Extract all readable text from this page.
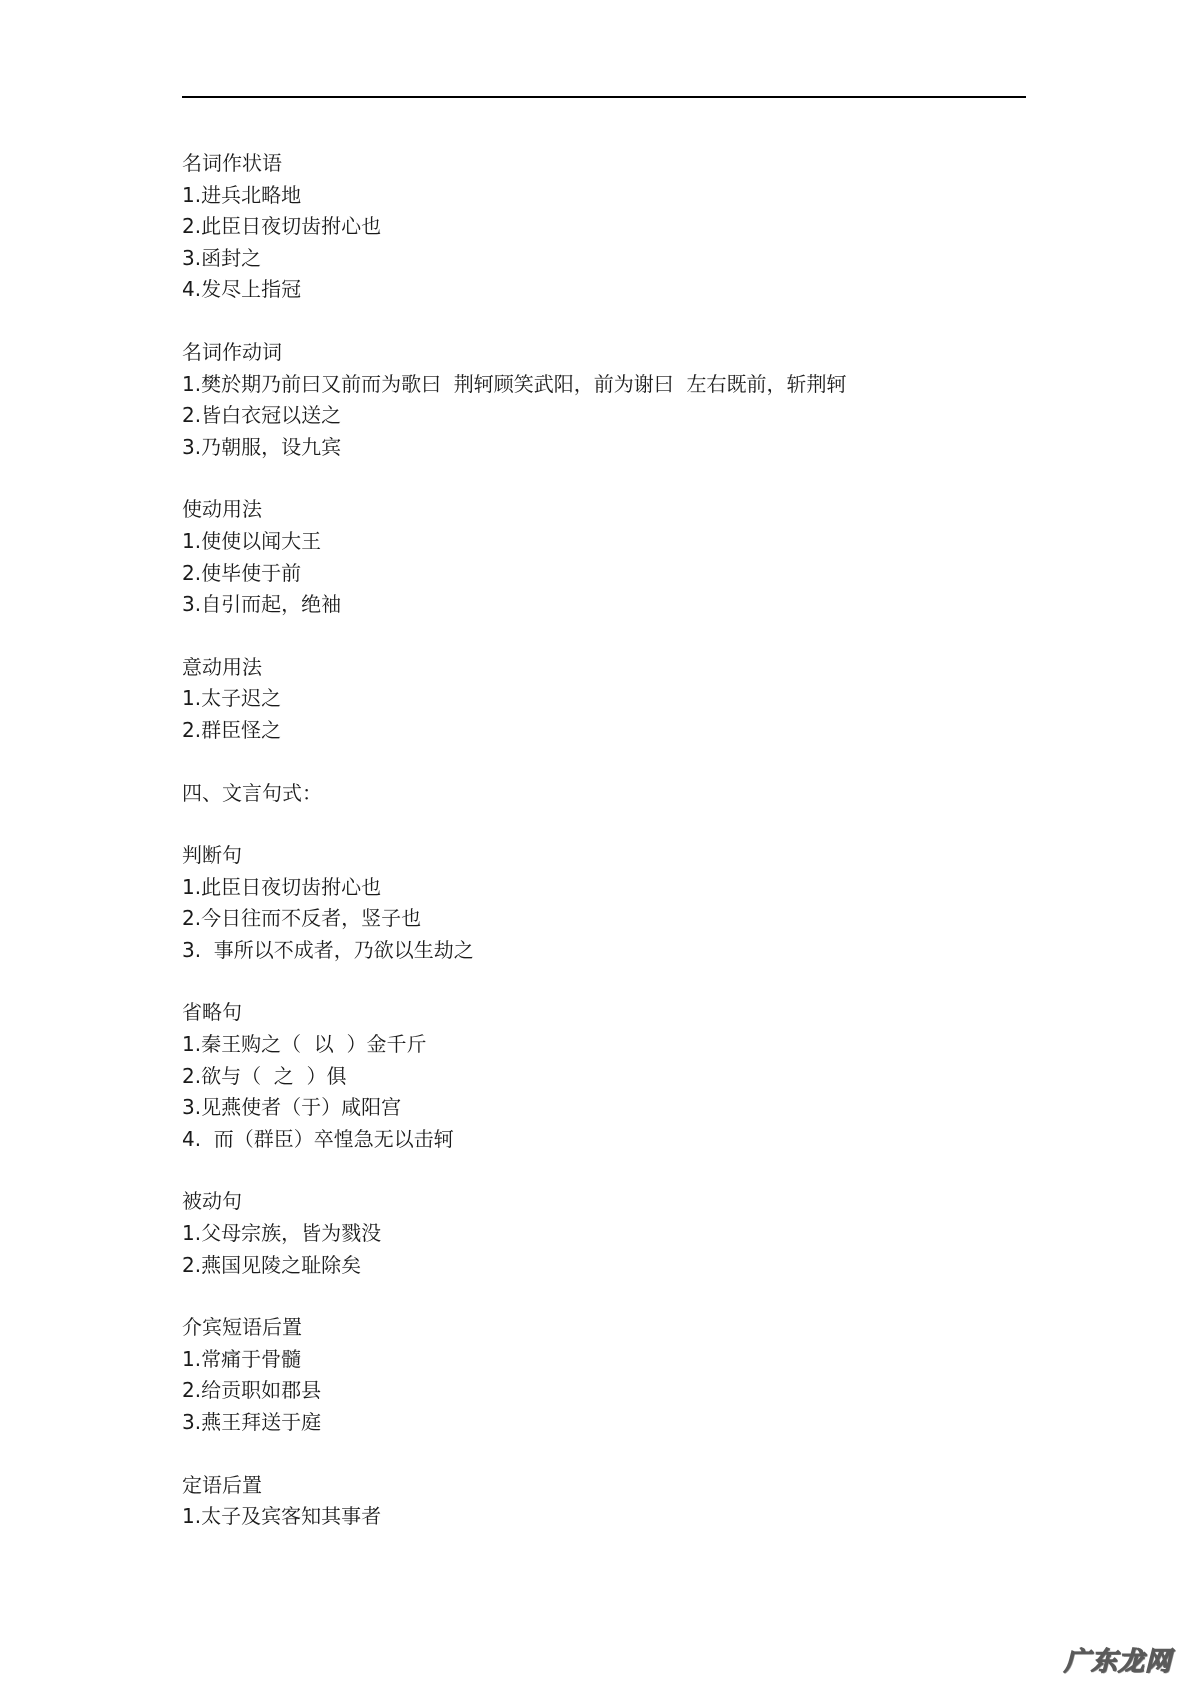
名词作状语
1.进兵北略地
2.此臣日夜切齿拊心也
3.函封之
4.发尽上指冠
名词作动词
1.樊於期乃前曰又前而为歌曰  荆轲顾笑武阳，前为谢曰  左右既前，斩荆轲
2.皆白衣冠以送之
3.乃朝服，设九宾
使动用法
1.使使以闻大王
2.使毕使于前
3.自引而起，绝袖
意动用法
1.太子迟之
2.群臣怪之
四、文言句式：
判断句
1.此臣日夜切齿拊心也
2.今日往而不反者，竖子也
3.  事所以不成者，乃欲以生劫之
省略句
1.秦王购之（  以  ）金千斤
2.欲与（  之  ）俱
3.见燕使者（于）咸阳宫
4.  而（群臣）卒惶急无以击轲
被动句
1.父母宗族，皆为戮没
2.燕国见陵之耻除矣
介宾短语后置
1.常痛于骨髓
2.给贡职如郡县
3.燕王拜送于庭
定语后置
1.太子及宾客知其事者
广东龙网
